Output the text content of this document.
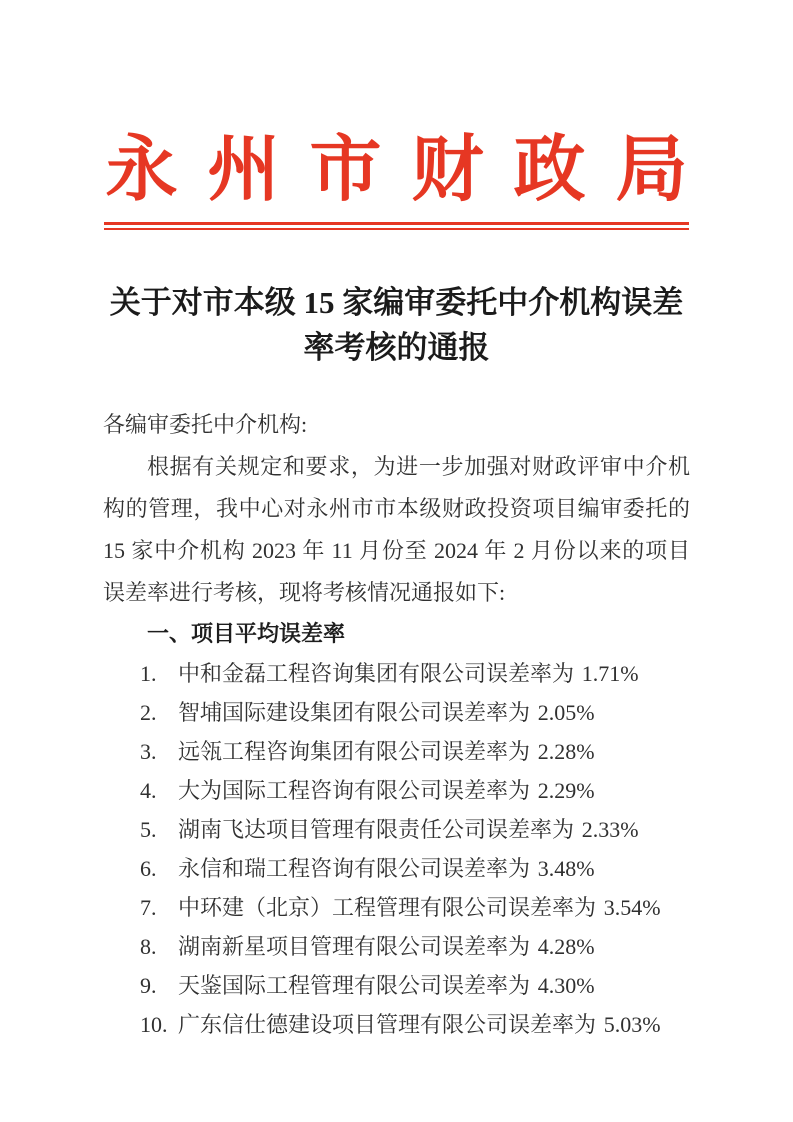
永州市财政局
关于对市本级 15 家编审委托中介机构误差
率考核的通报

各编审委托中介机构:

根据有关规定和要求，为进一步加强对财政评审中介机构的管理，我中心对永州市市本级财政投资项目编审委托的 15 家中介机构 2023 年 11 月份至 2024 年 2 月份以来的项目误差率进行考核，现将考核情况通报如下:

一、项目平均误差率

1. 中和金磊工程咨询集团有限公司误差率为 1.71%
2. 智埔国际建设集团有限公司误差率为 2.05%
3. 远瓴工程咨询集团有限公司误差率为 2.28%
4. 大为国际工程咨询有限公司误差率为 2.29%
5. 湖南飞达项目管理有限责任公司误差率为 2.33%
6. 永信和瑞工程咨询有限公司误差率为 3.48%
7. 中环建（北京）工程管理有限公司误差率为 3.54%
8. 湖南新星项目管理有限公司误差率为 4.28%
9. 天鉴国际工程管理有限公司误差率为 4.30%
10. 广东信仕德建设项目管理有限公司误差率为 5.03%
